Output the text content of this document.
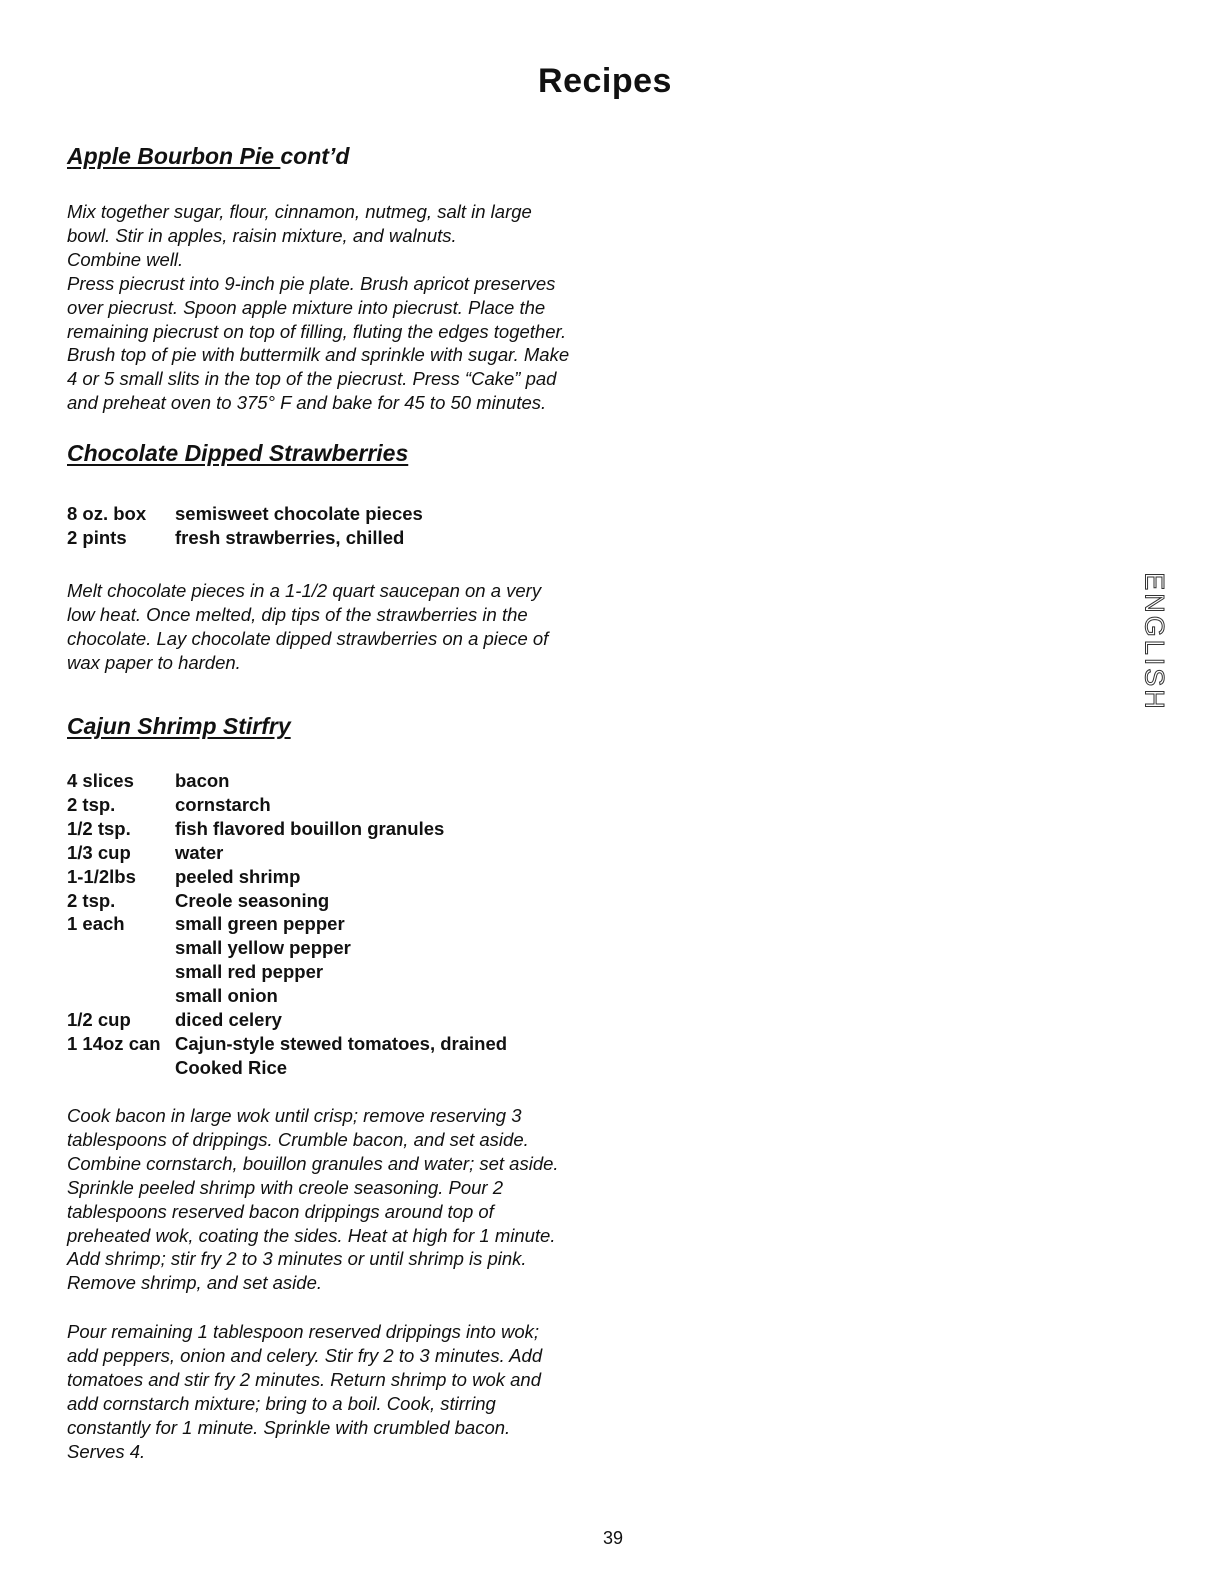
Recipes
Apple Bourbon Pie cont’d
Mix together sugar, flour, cinnamon, nutmeg, salt in large
bowl. Stir in apples, raisin mixture, and walnuts.
Combine well.
Press piecrust into 9-inch pie plate. Brush apricot preserves
over piecrust. Spoon apple mixture into piecrust. Place the
remaining piecrust on top of filling, fluting the edges together.
Brush top of pie with buttermilk and sprinkle with sugar. Make
4 or 5 small slits in the top of the piecrust. Press “Cake” pad
and preheat oven to 375° F and bake for 45 to 50 minutes.
Chocolate Dipped Strawberries
8 oz. box	semisweet chocolate pieces
2 pints	fresh strawberries, chilled
Melt chocolate pieces in a 1-1/2 quart saucepan on a very
low heat. Once melted, dip tips of the strawberries in the
chocolate. Lay chocolate dipped strawberries on a piece of
wax paper to harden.
Cajun Shrimp Stirfry
4 slices	bacon
2 tsp.	cornstarch
1/2 tsp.	fish flavored bouillon granules
1/3 cup	water
1-1/2lbs	peeled shrimp
2 tsp.	Creole seasoning
1 each	small green pepper
	small yellow pepper
	small red pepper
	small onion
1/2 cup	diced celery
1 14oz can	Cajun-style stewed tomatoes, drained
	Cooked Rice
Cook bacon in large wok until crisp; remove reserving 3
tablespoons of drippings. Crumble bacon, and set aside.
Combine cornstarch, bouillon granules and water; set aside.
Sprinkle peeled shrimp with creole seasoning. Pour 2
tablespoons reserved bacon drippings around top of
preheated wok, coating the sides. Heat at high for 1 minute.
Add shrimp; stir fry 2 to 3 minutes or until shrimp is pink.
Remove shrimp, and set aside.
Pour remaining 1 tablespoon reserved drippings into wok;
add peppers, onion and celery. Stir fry 2 to 3 minutes. Add
tomatoes and stir fry 2 minutes. Return shrimp to wok and
add cornstarch mixture; bring to a boil. Cook, stirring
constantly for 1 minute. Sprinkle with crumbled bacon.
Serves 4.
ENGLISH
39
